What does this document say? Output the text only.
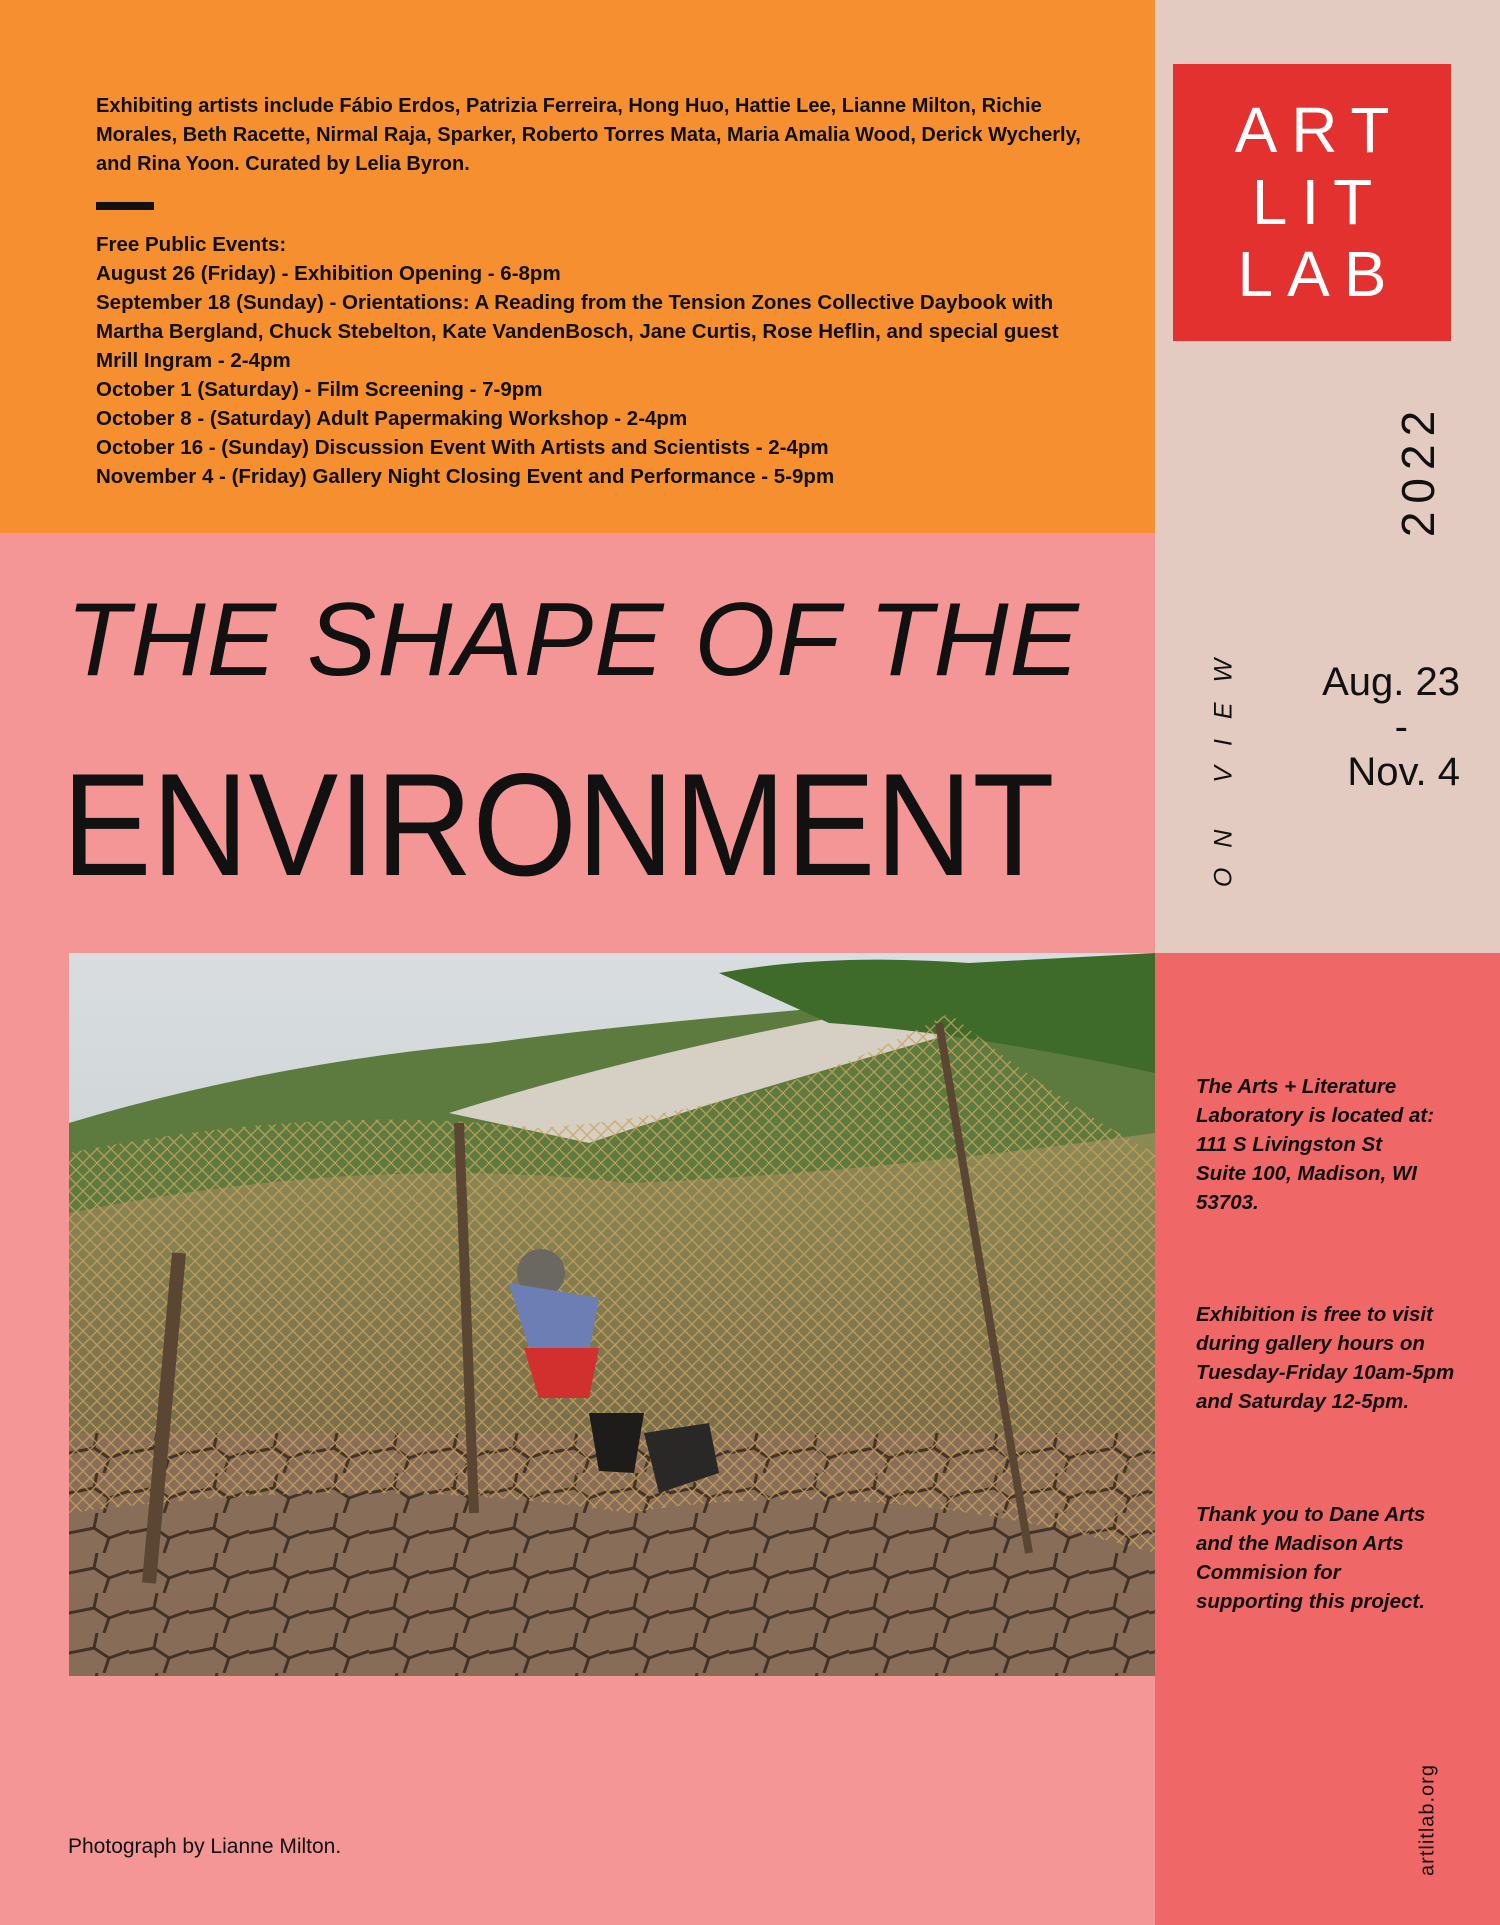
Exhibiting artists include Fábio Erdos, Patrizia Ferreira, Hong Huo, Hattie Lee, Lianne Milton, Richie Morales, Beth Racette, Nirmal Raja, Sparker, Roberto Torres Mata, Maria Amalia Wood, Derick Wycherly, and Rina Yoon. Curated by Lelia Byron.

Free Public Events:
August 26 (Friday) - Exhibition Opening - 6-8pm
September 18 (Sunday) - Orientations: A Reading from the Tension Zones Collective Daybook with
Martha Bergland, Chuck Stebelton, Kate VandenBosch, Jane Curtis, Rose Heflin, and special guest
Mrill Ingram - 2-4pm
October 1 (Saturday) - Film Screening - 7-9pm
October 8 - (Saturday) Adult Papermaking Workshop - 2-4pm
October 16 - (Sunday) Discussion Event With Artists and Scientists - 2-4pm
November 4 - (Friday) Gallery Night Closing Event and Performance - 5-9pm
THE SHAPE OF THE
ENVIRONMENT
ART
LIT
LAB
2022
ON VIEW Aug. 23
-
Nov. 4
The Arts + Literature
Laboratory is located at:
111 S Livingston St
Suite 100, Madison, WI
53703.
Exhibition is free to visit
during gallery hours on
Tuesday-Friday 10am-5pm
and Saturday 12-5pm.
Thank you to Dane Arts
and the Madison Arts
Commision for
supporting this project.
artlitlab.org
Photograph by Lianne Milton.
